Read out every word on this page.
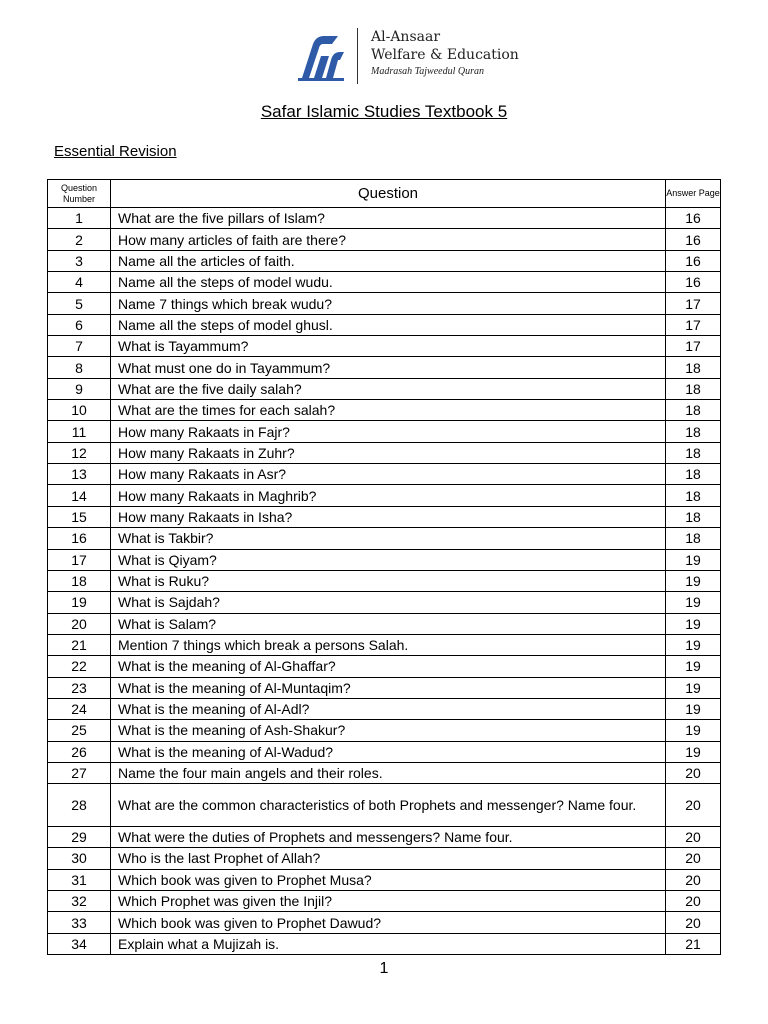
Al-Ansaar
Welfare & Education
Madrasah Tajweedul Quran
Safar Islamic Studies Textbook 5
Essential Revision
Question Number	Question	Answer Page
1	What are the five pillars of Islam?	16
2	How many articles of faith are there?	16
3	Name all the articles of faith.	16
4	Name all the steps of model wudu.	16
5	Name 7 things which break wudu?	17
6	Name all the steps of model ghusl.	17
7	What is Tayammum?	17
8	What must one do in Tayammum?	18
9	What are the five daily salah?	18
10	What are the times for each salah?	18
11	How many Rakaats in Fajr?	18
12	How many Rakaats in Zuhr?	18
13	How many Rakaats in Asr?	18
14	How many Rakaats in Maghrib?	18
15	How many Rakaats in Isha?	18
16	What is Takbir?	18
17	What is Qiyam?	19
18	What is Ruku?	19
19	What is Sajdah?	19
20	What is Salam?	19
21	Mention 7 things which break a persons Salah.	19
22	What is the meaning of Al-Ghaffar?	19
23	What is the meaning of Al-Muntaqim?	19
24	What is the meaning of Al-Adl?	19
25	What is the meaning of Ash-Shakur?	19
26	What is the meaning of Al-Wadud?	19
27	Name the four main angels and their roles.	20
28	What are the common characteristics of both Prophets and messenger? Name four.	20
29	What were the duties of Prophets and messengers? Name four.	20
30	Who is the last Prophet of Allah?	20
31	Which book was given to Prophet Musa?	20
32	Which Prophet was given the Injil?	20
33	Which book was given to Prophet Dawud?	20
34	Explain what a Mujizah is.	21
1
